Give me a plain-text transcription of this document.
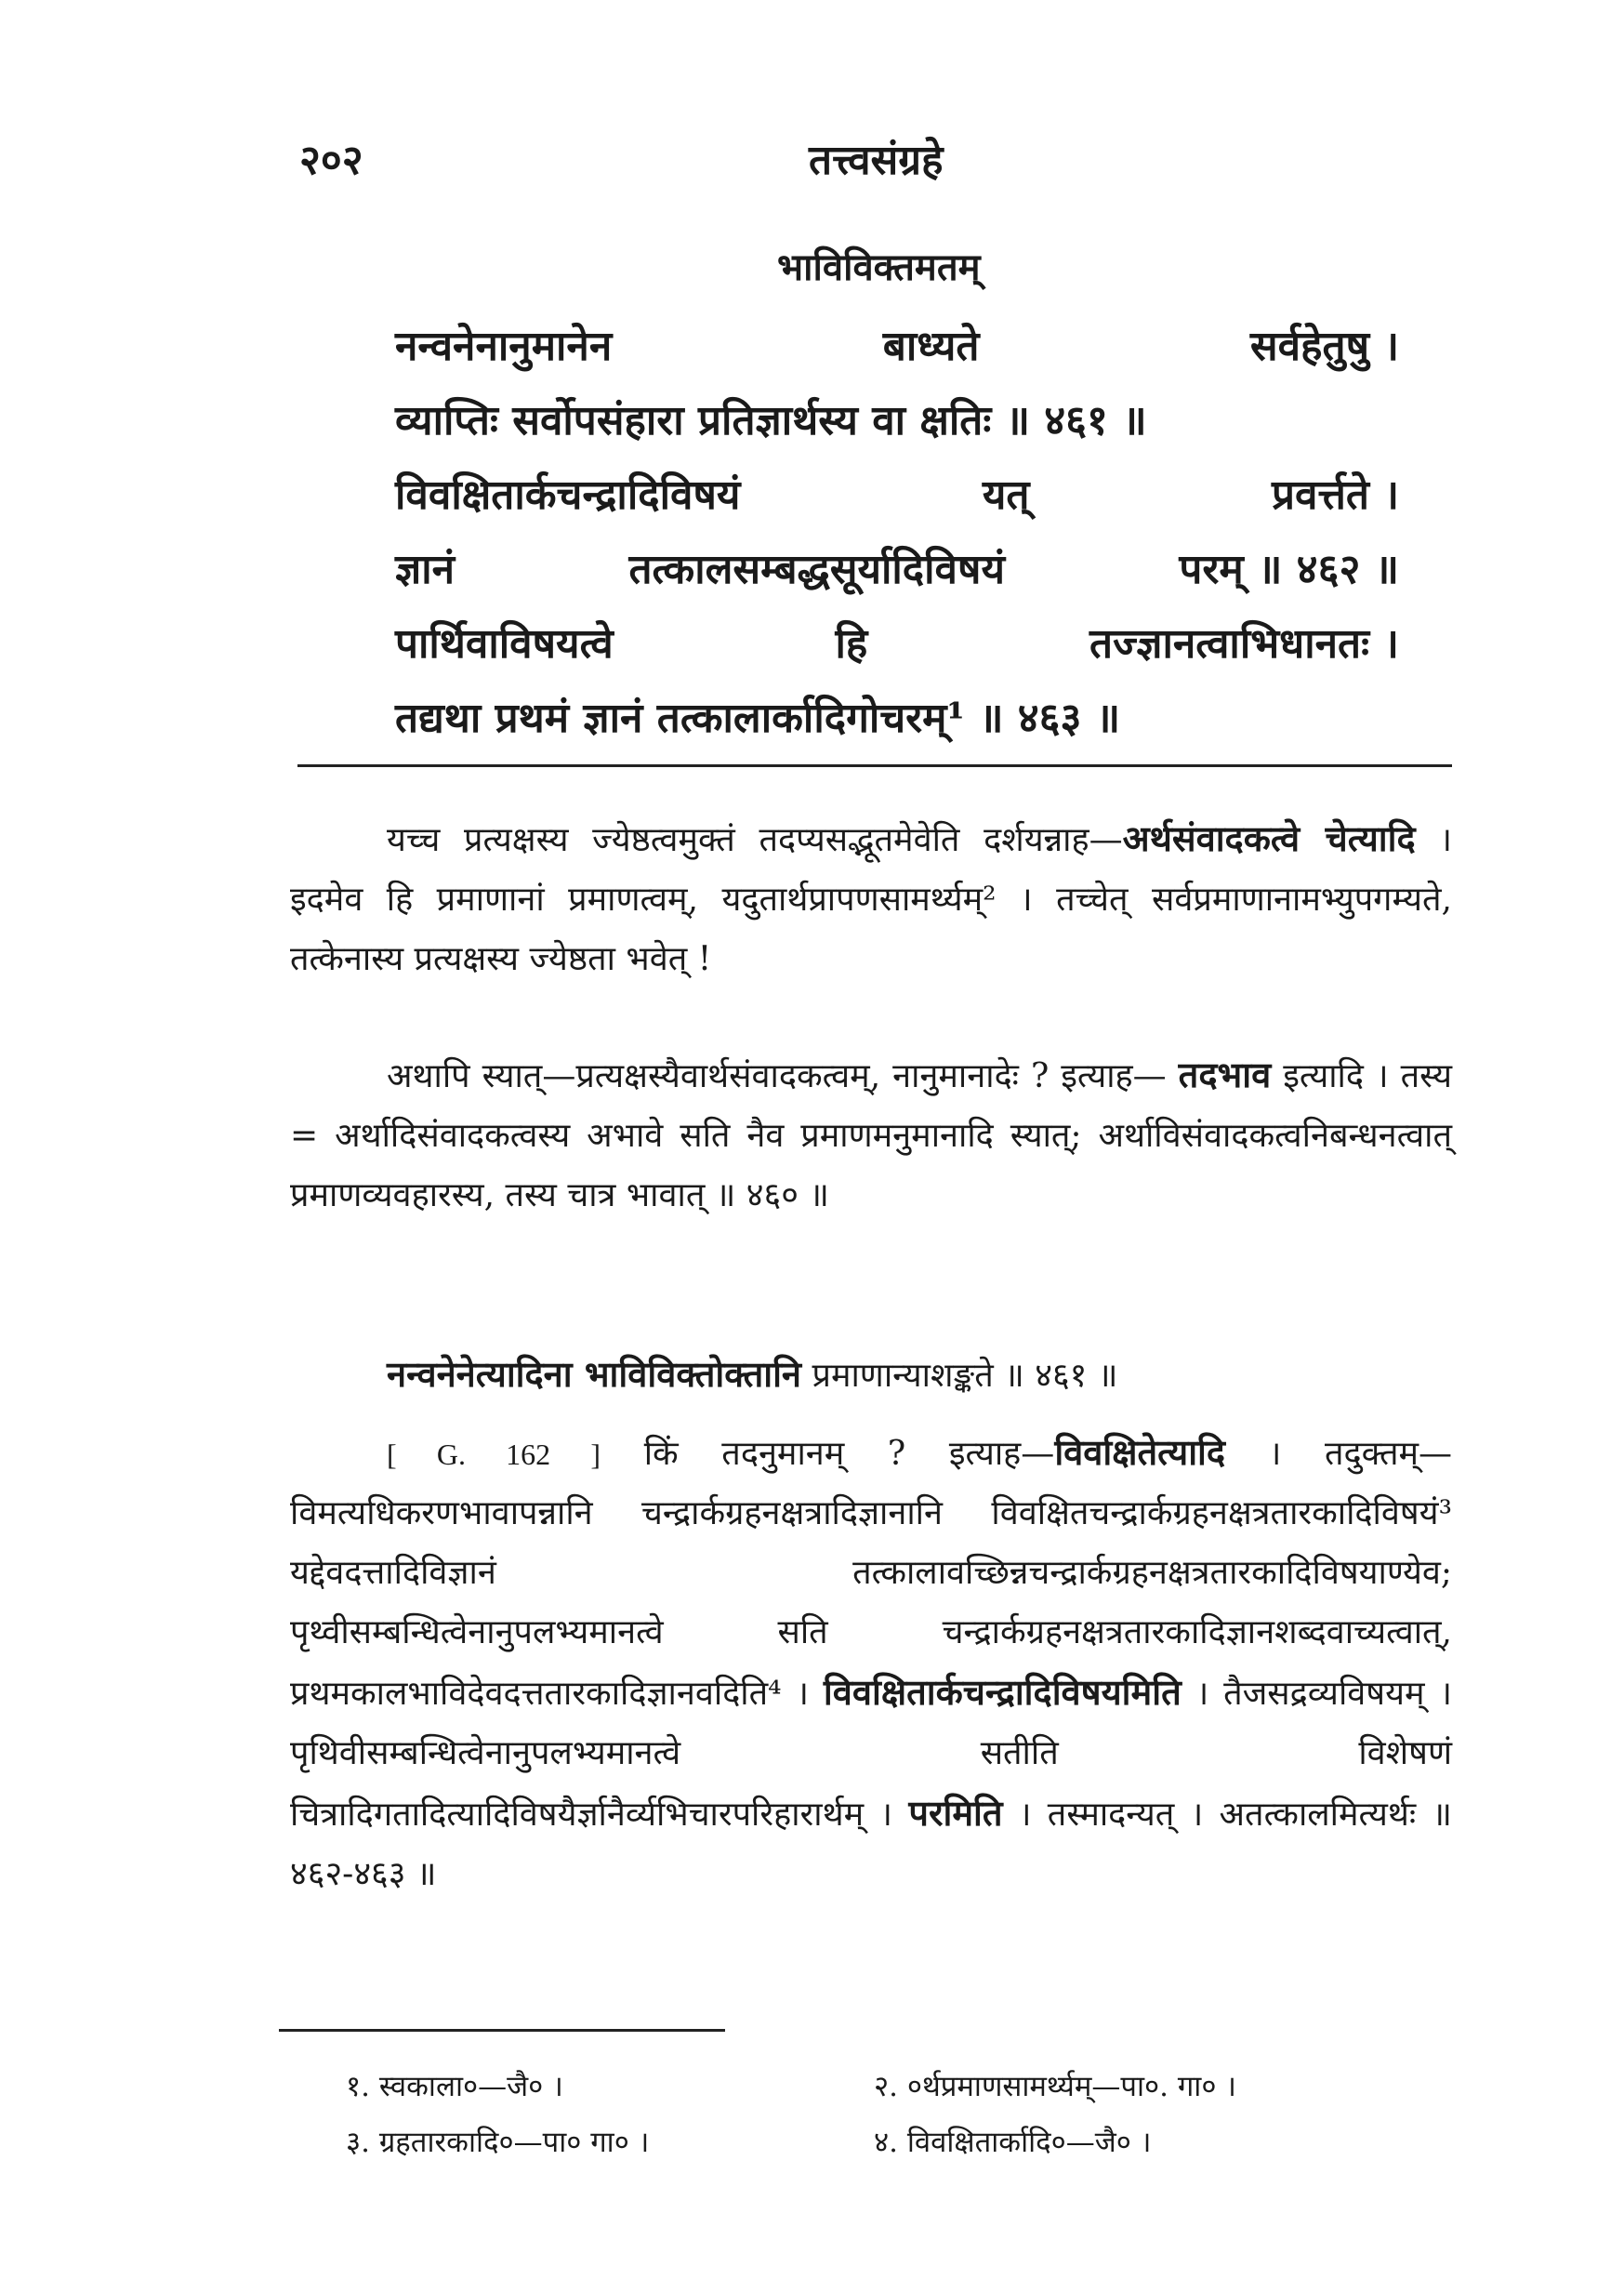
२०२	तत्त्वसंग्रहे
भाविविक्तमतम्
नन्वनेनानुमानेन	बाध्यते	सर्वहेतुषु ।
व्याप्तिः सर्वोपसंहारा प्रतिज्ञार्थस्य वा क्षतिः ॥ ४६१ ॥
विवक्षितार्कचन्द्रादिविषयं	यत्	प्रवर्त्तते ।
ज्ञानं	तत्कालसम्बद्धसूर्यादिविषयं	परम् ॥ ४६२ ॥
पार्थिवाविषयत्वे	हि	तज्ज्ञानत्वाभिधानतः ।
तद्यथा प्रथमं ज्ञानं तत्कालार्कादिगोचरम्¹ ॥ ४६३ ॥
यच्च प्रत्यक्षस्य ज्येष्ठत्वमुक्तं तदप्यसद्भूतमेवेति दर्शयन्नाह—अर्थसंवादकत्वे चेत्यादि । इदमेव हि प्रमाणानां प्रमाणत्वम्, यदुतार्थप्रापणसामर्थ्यम्² । तच्चेत् सर्वप्रमाणानामभ्युपगम्यते, तत्केनास्य प्रत्यक्षस्य ज्येष्ठता भवेत् !
अथापि स्यात्—प्रत्यक्षस्यैवार्थसंवादकत्वम्, नानुमानादेः ? इत्याह— तदभाव इत्यादि । तस्य = अर्थादिसंवादकत्वस्य अभावे सति नैव प्रमाणमनुमानादि स्यात्; अर्थाविसंवादकत्वनिबन्धनत्वात् प्रमाणव्यवहारस्य, तस्य चात्र भावात् ॥ ४६० ॥
नन्वनेनेत्यादिना भाविविक्तोक्तानि प्रमाणान्याशङ्कते ॥ ४६१ ॥
[ G. 162 ] किं तदनुमानम् ? इत्याह—विवक्षितेत्यादि । तदुक्तम्—विमत्यधिकरणभावापन्नानि चन्द्रार्कग्रहनक्षत्रादिज्ञानानि विवक्षितचन्द्रार्कग्रहनक्षत्रतारकादिविषयं³ यद्देवदत्तादिविज्ञानं तत्कालावच्छिन्नचन्द्रार्कग्रहनक्षत्रतारकादिविषयाण्येव; पृथ्वीसम्बन्धित्वेनानुपलभ्यमानत्वे सति चन्द्रार्कग्रहनक्षत्रतारकादिज्ञानशब्दवाच्यत्वात्, प्रथमकालभाविदेवदत्ततारकादिज्ञानवदिति⁴ । विवक्षितार्कचन्द्रादिविषयमिति । तैजसद्रव्यविषयम् । पृथिवीसम्बन्धित्वेनानुपलभ्यमानत्वे सतीति विशेषणं चित्रादिगतादित्यादिविषयैर्ज्ञानैर्व्यभिचारपरिहारार्थम् । परमिति । तस्मादन्यत् । अतत्कालमित्यर्थः ॥ ४६२-४६३ ॥
१. स्वकाला०—जै० ।	२. ०र्थप्रमाणसामर्थ्यम्—पा०. गा० ।
३. ग्रहतारकादि०—पा० गा० ।	४. विवक्षितार्कादि०—जै० ।
